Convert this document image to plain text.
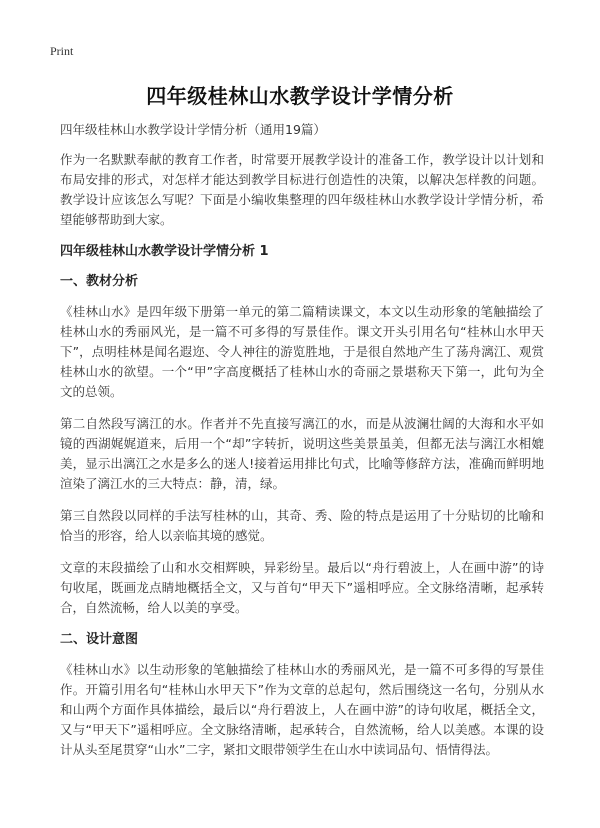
Print
四年级桂林山水教学设计学情分析

四年级桂林山水教学设计学情分析（通用19篇）

作为一名默默奉献的教育工作者，时常要开展教学设计的准备工作，教学设计以计划和布局安排的形式，对怎样才能达到教学目标进行创造性的决策，以解决怎样教的问题。教学设计应该怎么写呢？下面是小编收集整理的四年级桂林山水教学设计学情分析，希望能够帮助到大家。

四年级桂林山水教学设计学情分析 1

一、教材分析

《桂林山水》是四年级下册第一单元的第二篇精读课文，本文以生动形象的笔触描绘了桂林山水的秀丽风光，是一篇不可多得的写景佳作。课文开头引用名句“桂林山水甲天下”，点明桂林是闻名遐迩、令人神往的游览胜地，于是很自然地产生了荡舟漓江、观赏桂林山水的欲望。一个“甲”字高度概括了桂林山水的奇丽之景堪称天下第一，此句为全文的总领。

第二自然段写漓江的水。作者并不先直接写漓江的水，而是从波澜壮阔的大海和水平如镜的西湖娓娓道来，后用一个“却”字转折，说明这些美景虽美，但都无法与漓江水相媲美，显示出漓江之水是多么的迷人!接着运用排比句式，比喻等修辞方法，准确而鲜明地渲染了漓江水的三大特点：静，清，绿。

第三自然段以同样的手法写桂林的山，其奇、秀、险的特点是运用了十分贴切的比喻和恰当的形容，给人以亲临其境的感觉。

文章的末段描绘了山和水交相辉映，异彩纷呈。最后以“舟行碧波上，人在画中游”的诗句收尾，既画龙点睛地概括全文，又与首句“甲天下”遥相呼应。全文脉络清晰，起承转合，自然流畅，给人以美的享受。

二、设计意图

《桂林山水》以生动形象的笔触描绘了桂林山水的秀丽风光，是一篇不可多得的写景佳作。开篇引用名句“桂林山水甲天下”作为文章的总起句，然后围绕这一名句，分别从水和山两个方面作具体描绘，最后以“舟行碧波上，人在画中游”的诗句收尾，概括全文，又与“甲天下”遥相呼应。全文脉络清晰，起承转合，自然流畅，给人以美感。本课的设计从头至尾贯穿“山水”二字，紧扣文眼带领学生在山水中读词品句、悟情得法。
